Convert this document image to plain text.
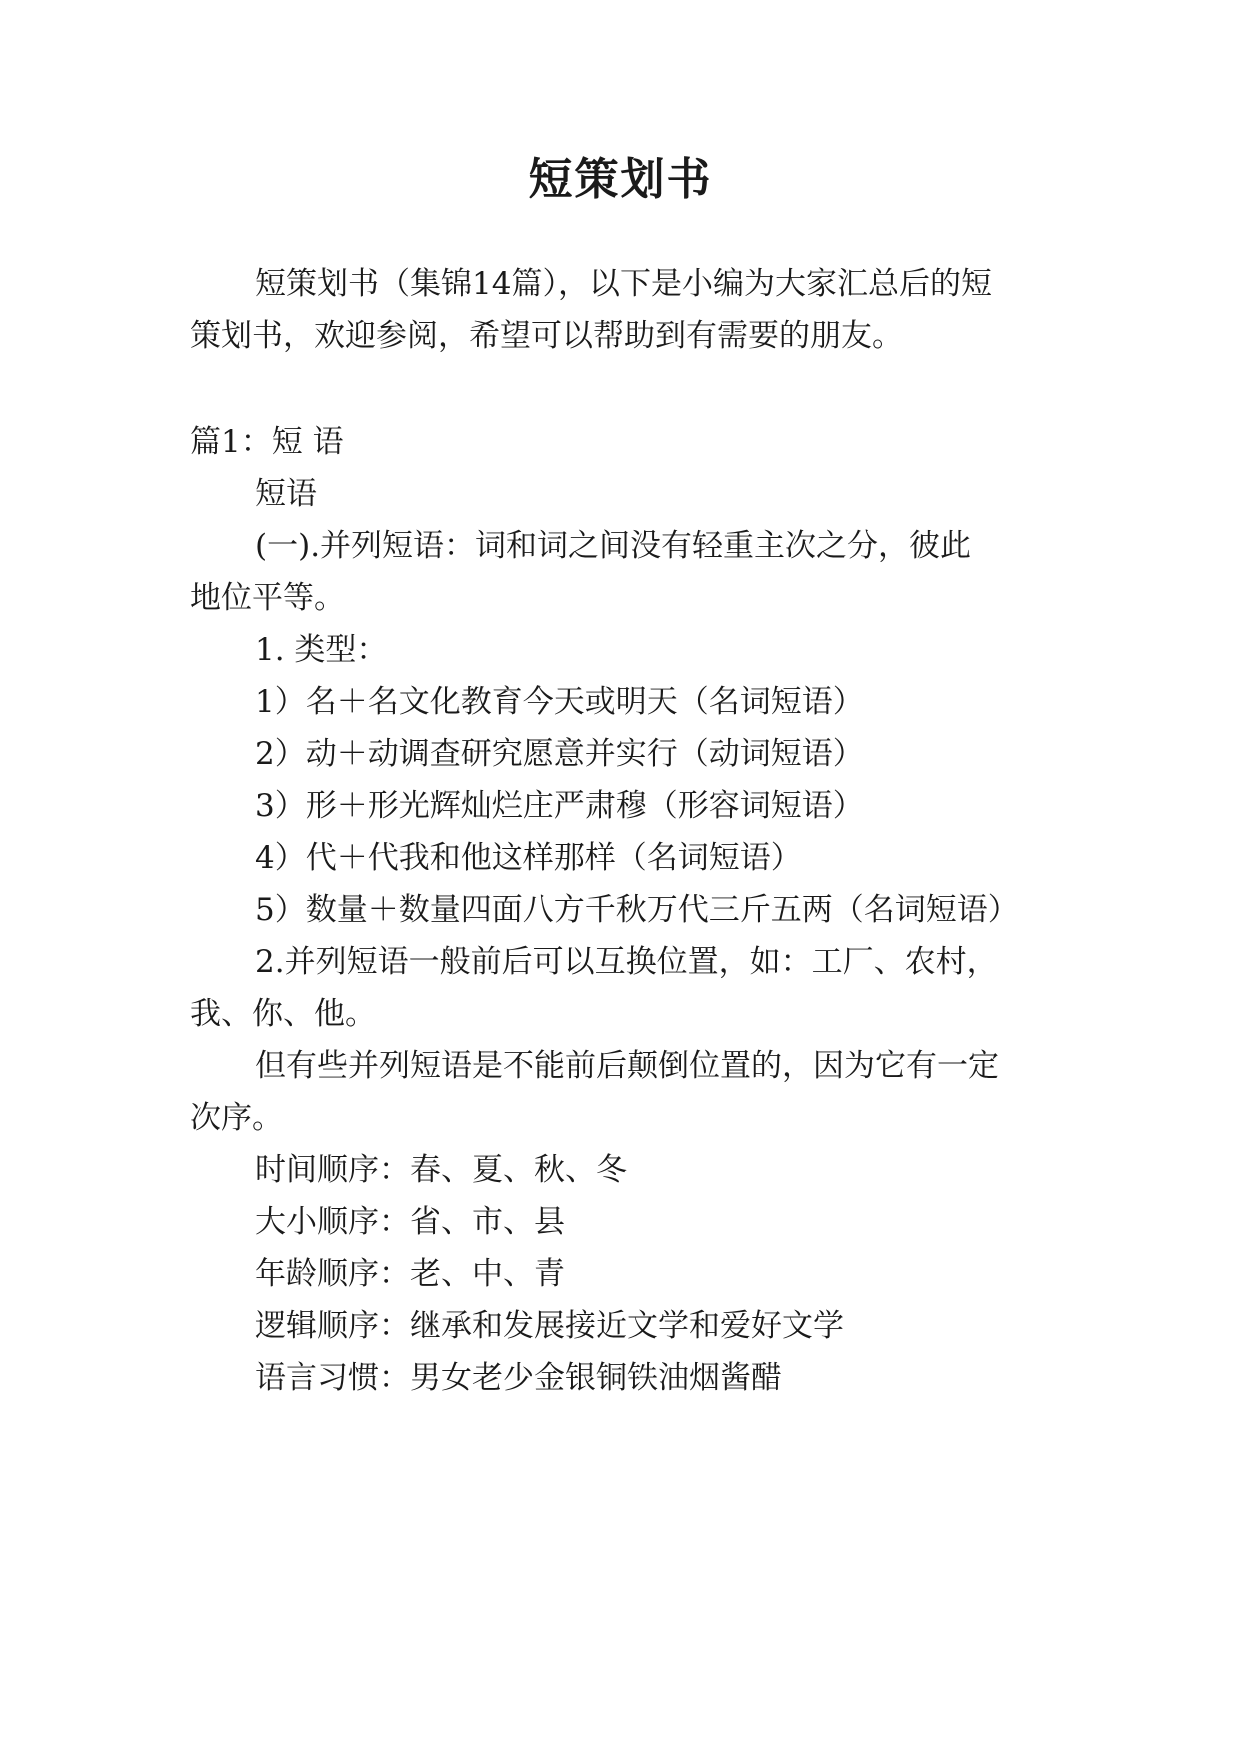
短策划书
短策划书（集锦14篇），以下是小编为大家汇总后的短
策划书，欢迎参阅，希望可以帮助到有需要的朋友。
篇1：短 语
短语
(一).并列短语：词和词之间没有轻重主次之分，彼此
地位平等。
1. 类型：
1）名＋名文化教育今天或明天（名词短语）
2）动＋动调查研究愿意并实行（动词短语）
3）形＋形光辉灿烂庄严肃穆（形容词短语）
4）代＋代我和他这样那样（名词短语）
5）数量＋数量四面八方千秋万代三斤五两（名词短语）
2.并列短语一般前后可以互换位置，如：工厂、农村，
我、你、他。
但有些并列短语是不能前后颠倒位置的，因为它有一定
次序。
时间顺序：春、夏、秋、冬
大小顺序：省、市、县
年龄顺序：老、中、青
逻辑顺序：继承和发展接近文学和爱好文学
语言习惯：男女老少金银铜铁油烟酱醋
